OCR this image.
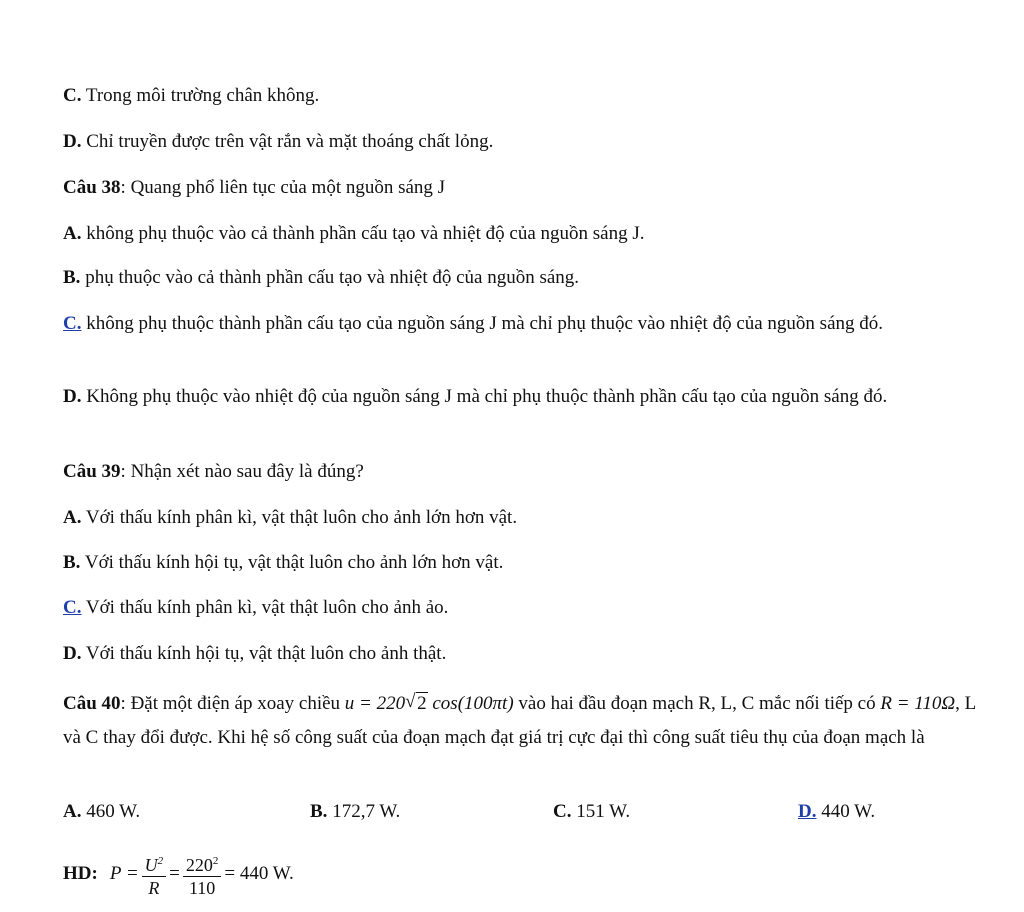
C. Trong môi trường chân không.
D. Chỉ truyền được trên vật rắn và mặt thoáng chất lỏng.
Câu 38: Quang phổ liên tục của một nguồn sáng J
A. không phụ thuộc vào cả thành phần cấu tạo và nhiệt độ của nguồn sáng J.
B. phụ thuộc vào cả thành phần cấu tạo và nhiệt độ của nguồn sáng.
C. không phụ thuộc thành phần cấu tạo của nguồn sáng J mà chỉ phụ thuộc vào nhiệt độ của nguồn sáng đó.
D. Không phụ thuộc vào nhiệt độ của nguồn sáng J mà chỉ phụ thuộc thành phần cấu tạo của nguồn sáng đó.
Câu 39: Nhận xét nào sau đây là đúng?
A. Với thấu kính phân kì, vật thật luôn cho ảnh lớn hơn vật.
B. Với thấu kính hội tụ, vật thật luôn cho ảnh lớn hơn vật.
C. Với thấu kính phân kì, vật thật luôn cho ảnh ảo.
D. Với thấu kính hội tụ, vật thật luôn cho ảnh thật.
Câu 40: Đặt một điện áp xoay chiều u = 220√ 2 cos(100πt) vào hai đầu đoạn mạch R, L, C mắc nối tiếp có R = 110Ω, L và C thay đổi được. Khi hệ số công suất của đoạn mạch đạt giá trị cực đại thì công suất tiêu thụ của đoạn mạch là
A. 460 W.	B. 172,7 W.	C. 151 W.	D. 440 W.
HD: $P = \frac{U^2}{R} = \frac{220^2}{110} = 440$ W.
